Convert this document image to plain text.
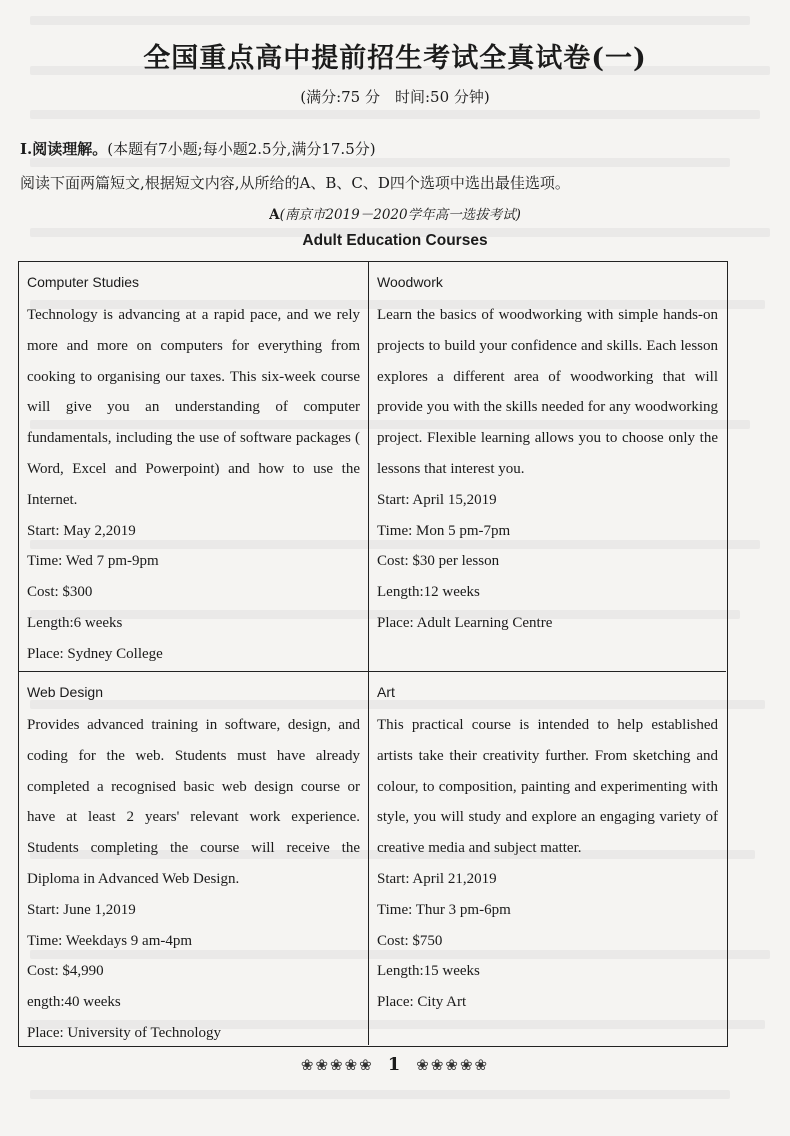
全国重点高中提前招生考试全真试卷(一)
(满分:75 分　时间:50 分钟)
Ⅰ.阅读理解。(本题有7小题;每小题2.5分,满分17.5分)
阅读下面两篇短文,根据短文内容,从所给的A、B、C、D四个选项中选出最佳选项。
A(南京市2019－2020学年高一选拔考试)
Adult Education Courses
Computer Studies

Technology is advancing at a rapid pace, and we rely more and more on computers for everything from cooking to organising our taxes. This six-week course will give you an understanding of computer fundamentals, including the use of software packages ( Word, Excel and Powerpoint) and how to use the Internet.

Start: May 2,2019
Time: Wed 7 pm-9pm
Cost: $300
Length:6 weeks
Place: Sydney College
Woodwork

Learn the basics of woodworking with simple hands-on projects to build your confidence and skills. Each lesson explores a different area of woodworking that will provide you with the skills needed for any woodworking project. Flexible learning allows you to choose only the lessons that interest you.

Start: April 15,2019
Time: Mon 5 pm-7pm
Cost: $30 per lesson
Length:12 weeks
Place: Adult Learning Centre
Web Design

Provides advanced training in software, design, and coding for the web. Students must have already completed a recognised basic web design course or have at least 2 years' relevant work experience. Students completing the course will receive the Diploma in Advanced Web Design.

Start: June 1,2019
Time: Weekdays 9 am-4pm
Cost: $4,990
ength:40 weeks
Place: University of Technology
Art

This practical course is intended to help established artists take their creativity further. From sketching and colour, to composition, painting and experimenting with style, you will study and explore an engaging variety of creative media and subject matter.

Start: April 21,2019
Time: Thur 3 pm-6pm
Cost: $750
Length:15 weeks
Place: City Art
❀❀❀❀❀ 1 ❀❀❀❀❀
